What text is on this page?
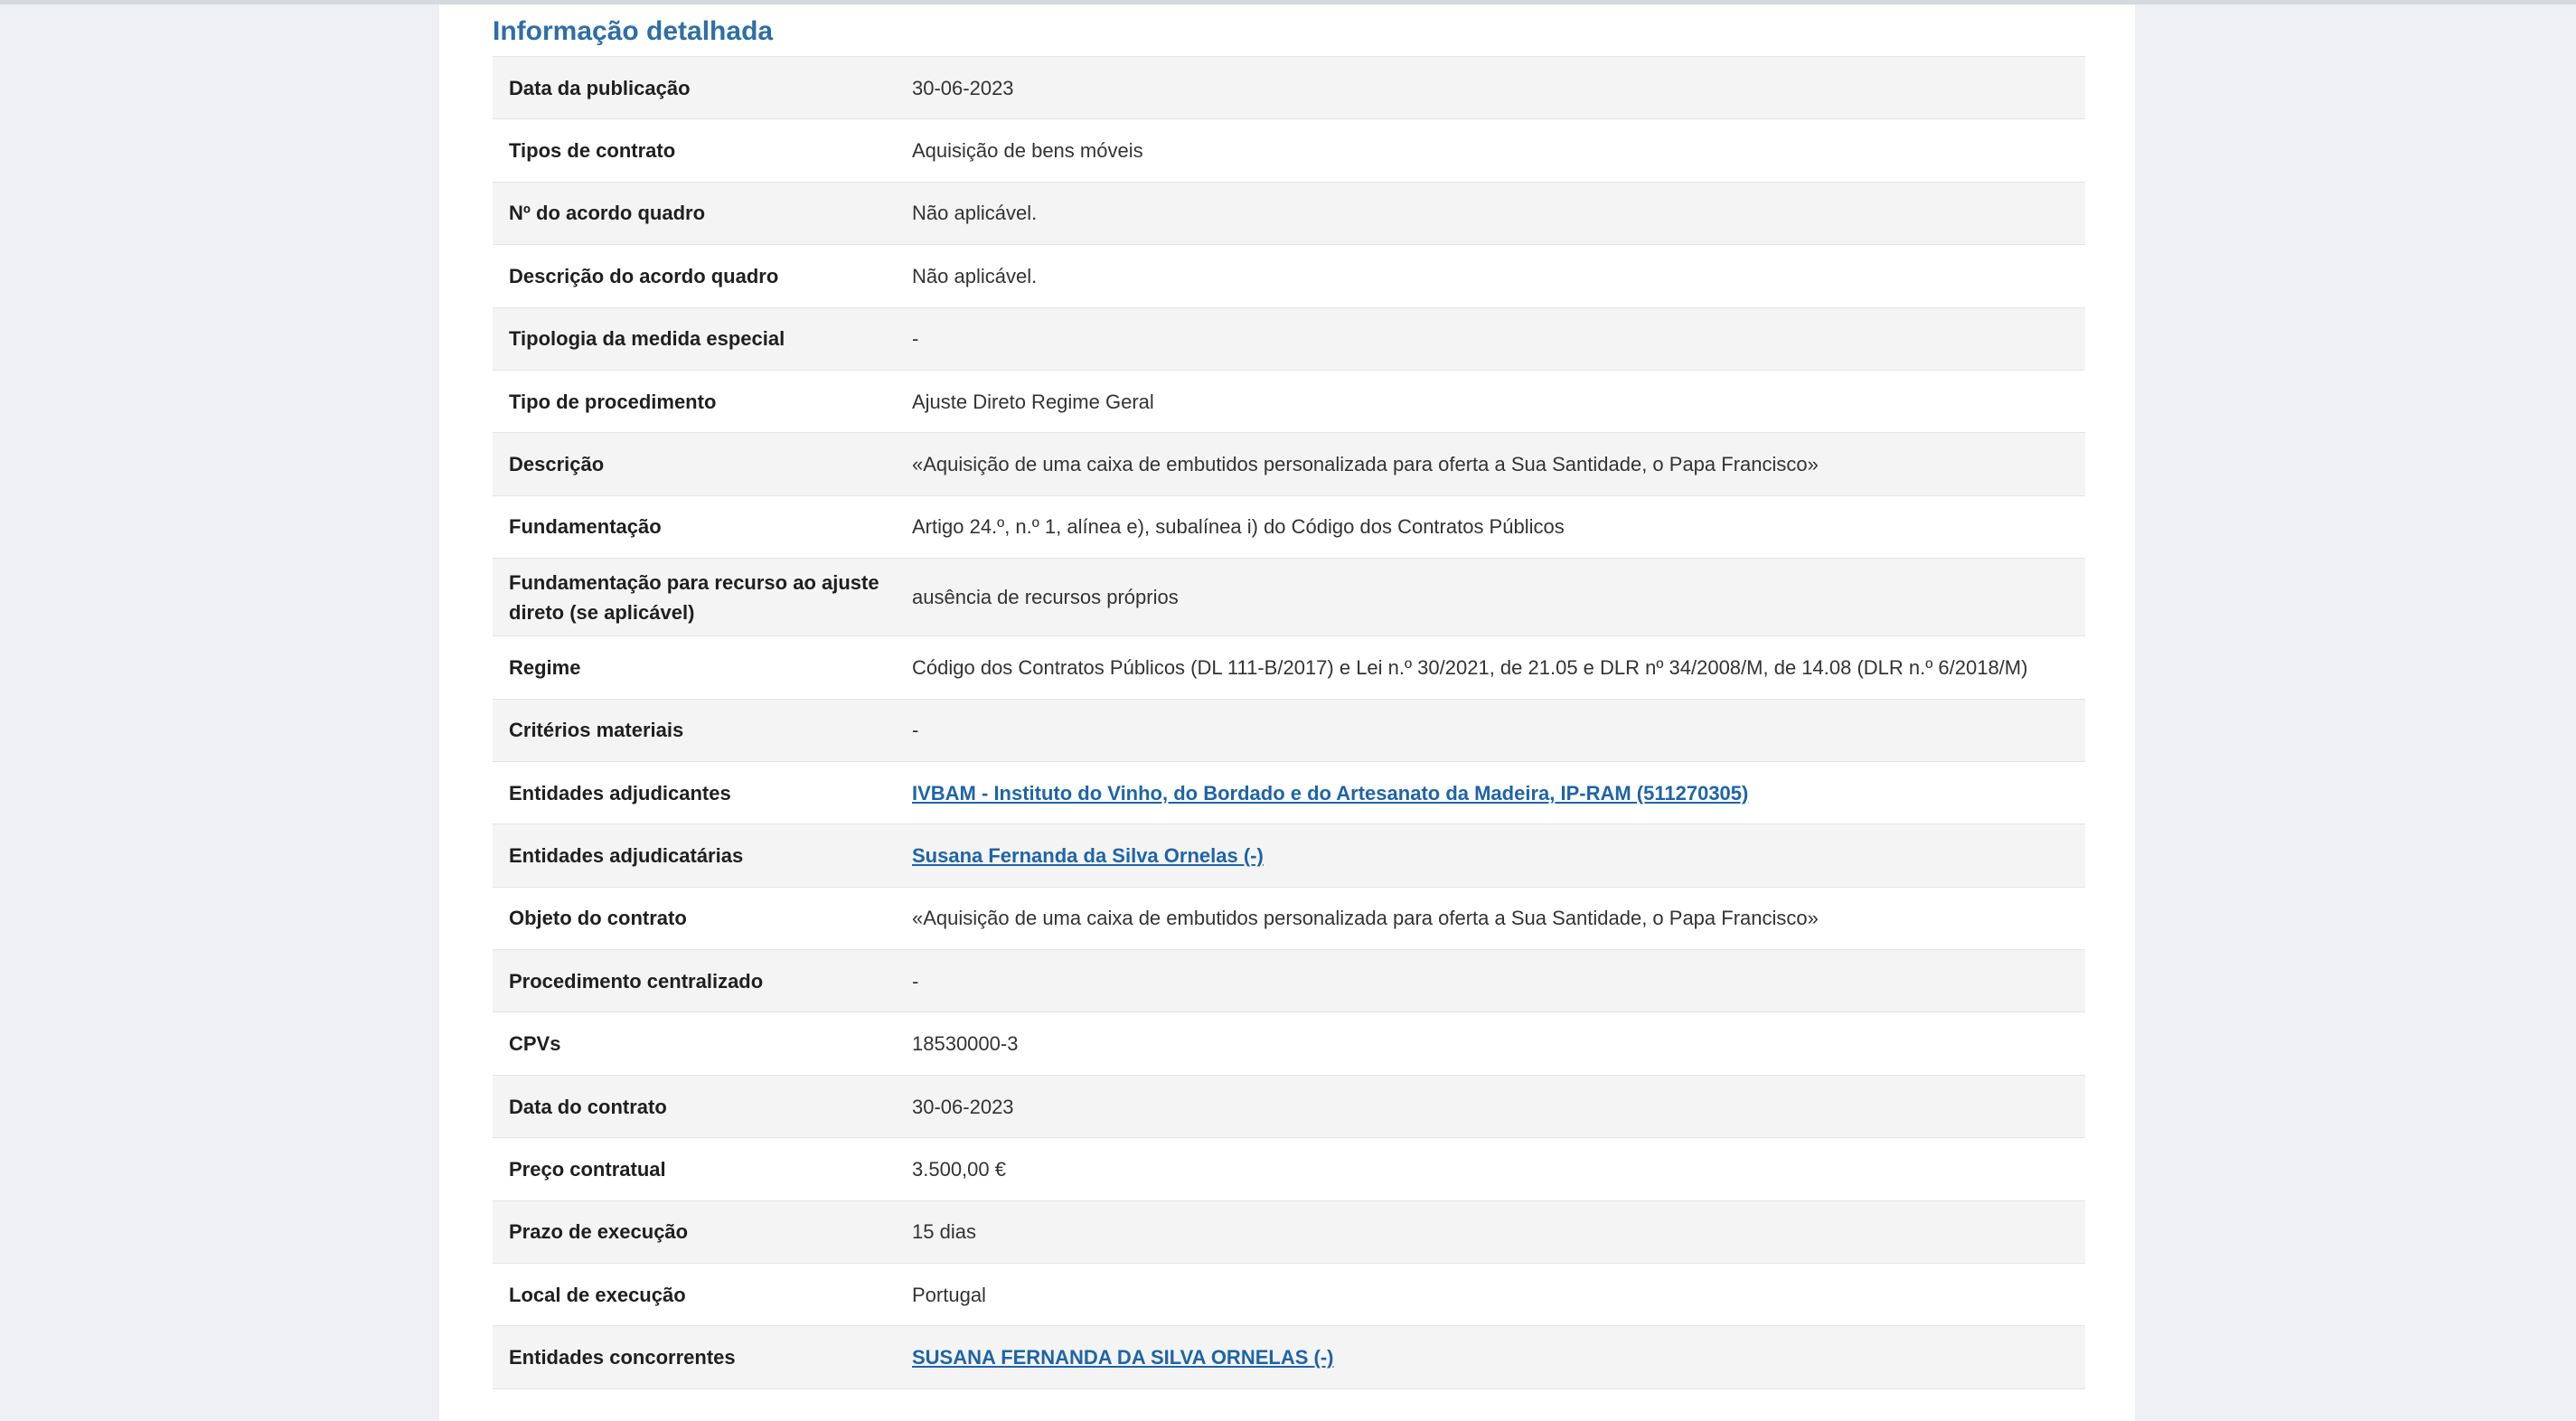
Informação detalhada
Data da publicação	30-06-2023
Tipos de contrato	Aquisição de bens móveis
Nº do acordo quadro	Não aplicável.
Descrição do acordo quadro	Não aplicável.
Tipologia da medida especial	-
Tipo de procedimento	Ajuste Direto Regime Geral
Descrição	«Aquisição de uma caixa de embutidos personalizada para oferta a Sua Santidade, o Papa Francisco»
Fundamentação	Artigo 24.º, n.º 1, alínea e), subalínea i) do Código dos Contratos Públicos
Fundamentação para recurso ao ajuste direto (se aplicável)	ausência de recursos próprios
Regime	Código dos Contratos Públicos (DL 111-B/2017) e Lei n.º 30/2021, de 21.05 e DLR nº 34/2008/M, de 14.08 (DLR n.º 6/2018/M)
Critérios materiais	-
Entidades adjudicantes	IVBAM - Instituto do Vinho, do Bordado e do Artesanato da Madeira, IP-RAM (511270305)
Entidades adjudicatárias	Susana Fernanda da Silva Ornelas (-)
Objeto do contrato	«Aquisição de uma caixa de embutidos personalizada para oferta a Sua Santidade, o Papa Francisco»
Procedimento centralizado	-
CPVs	18530000-3
Data do contrato	30-06-2023
Preço contratual	3.500,00 €
Prazo de execução	15 dias
Local de execução	Portugal
Entidades concorrentes	SUSANA FERNANDA DA SILVA ORNELAS (-)
